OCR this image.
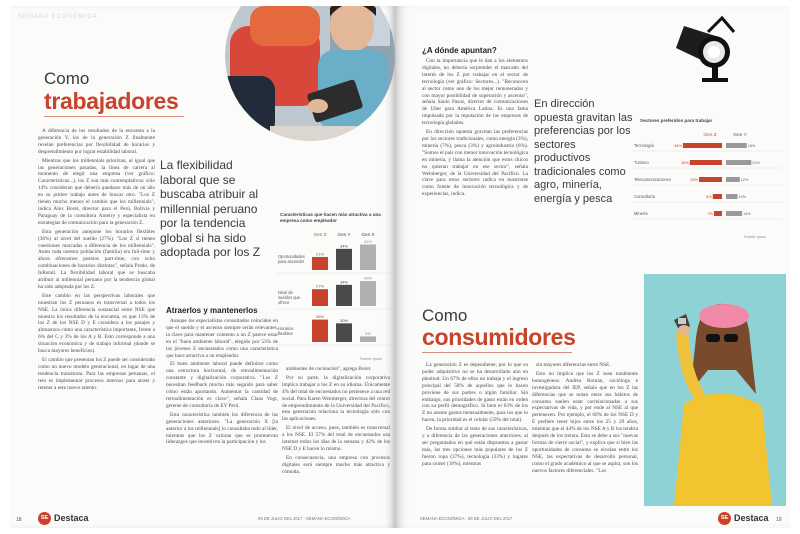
SEMANA ECONÓMICA
Como
trabajadores

A diferencia de los resultados de la encuesta a la generación Y, los de la generación Z finalmente revelan preferencias por flexibilidad de horarios y desprendimiento por lograr estabilidad laboral.

Mientras que los millennials priorizan, al igual que las generaciones pasadas, la línea de carrera al momento de elegir una empresa (ver gráfico: Características...), los Z son más contemplativos: sólo 14% consideran que debería quedarse más de un año en su primer trabajo antes de buscar otro. "Los Z tienen mucho menos el cambio que los millennials", indica Alex Boret, director para el Perú, Bolivia y Paraguay de la consultora Amerry y especialista en estrategias de comunicación para la generación Z.

Esta generación antepone los horarios flexibles (36%) al nivel del sueldo (27%). "Los Z sí tienen cuestiones marcadas a diferencia de los millennials". Antes toda nuestra población (familia) era full-time y ahora ofrecemos puestos part-time, con ocho combinaciones de horarios distintas", señala Prado, de InRetail. La flexibilidad laboral que se buscaba atribuir al millennial peruano por la tendencia global ha sido adoptada por los Z.

Este cambio en las perspectivas laborales que muestran los Z peruanos es transversal a todos los NSE. La única diferencia sustancial entre NSE que muestra los resultados de la encuesta, es que 13% de los Z de los NSE D y E considera a los pasajes y almuerzos como una característica importante, frente a 6% del C y 3% de los A y B. Esto corresponde a una situación económica y de trabajo informal (donde se busca mayores beneficios).

El cambio que presentan los Z puede ser considerado como un nuevo modelo generacional, en lugar de una tendencia transitoria. Para las empresas peruanas, el reto es implementar procesos internos para atraer y retener a este nuevo talento.

La flexibilidad laboral que se buscaba atribuir al millennial peruano por la tendencia global si ha sido adoptada por los Z
Características que hacen más atractiva a una empresa como empleador
Gen Z Gen Y Gen X
Oportunidades
para ascender
21%
34%
41%
Nivel de
sueldos que
ofrece
27%
34%
40%
Horarios
flexibles
36%
30%
9%
Fuente: Ipsos
Atraerlos y mantenerlos

Aunque los especialistas consultados coinciden en que el sueldo y el ascenso siempre serán relevantes, la clave para mantener contento a un Z parece estar en el "buen ambiente laboral", elegido por 53% de los jóvenes Z encuestados como una característica que hace atractiva a un empleador.

El buen ambiente laboral puede definirse como una estructura horizontal, de retroalimentación constante y digitalización corporativa. "Los Z necesitan feedback mucho más seguido para saber cómo están aportando. Aumentar la cantidad de retroalimentación es clave", señala Claus Vogt, gerente de consultoría de EY Perú.

Esta característica también los diferencia de las generaciones anteriores. "La generación X [la anterior a los millennials] lo consultaba todo al líder, mientras que los Z valoran que se promuevan liderazgos que incentiven la participación y los

ambientes de cocreación", agrega Boret.

Por su parte, la digitalización corporativa implica trabajar a los Z en su idioma. Únicamente 4% del total de encuestados no pertenece a una red social. Para Karen Weinberger, directora del centro de emprendimiento de la Universidad del Pacífico, esta generación relaciona la tecnología sólo con las aplicaciones.

El nivel de acceso, pues, también es transversal a los NSE. El 57% del total de encuestados usa internet todos los días de la semana y 42% de los NSE D y E hacen lo mismo.

En consecuencia, una empresa con procesos digitales será siempre mucho más atractiva y cómoda.

18	SE Destaca	09 DE JULIO DEL 2017 · SEMANA ECONÓMICA
¿A dónde apuntan?

Con la importancia que le dan a los elementos digitales, no debería sorprender el marcado del interés de los Z por trabajar en el sector de tecnología (ver gráfico: Sectores...). "Reconocen al sector como uno de los mejor remunerados y con mayor posibilidad de superación y ascenso", señala Saulo Pasos, director de comunicaciones de Uber para América Latina. Es una fama impulsada por la reputación de las empresas de tecnología globales.

En dirección opuesta gravitan las preferencias por los sectores tradicionales, como energía (3%), minería (7%), pesca (3%) y agroindustria (6%). "Somos el país con menor innovación tecnológica en minería, y llama la atención que estos chicos no quieran trabajar en ese sector", señala Weinberger, de la Universidad del Pacífico. La clave para estos sectores radica en mostrarse como fuente de innovación tecnológica y de experiencias, indica.

En dirección opuesta gravitan las preferencias por los sectores productivos tradicionales como agro, minería, energía y pesca
Sectores preferidos para trabajar
Gen Z	Gen Y
Tecnología	34%	18%
Turismo	28%	22%
Telecomunicaciones	20%	12%
Consultoría	8%	10%
Minería	7%	14%
Fuente: Ipsos
Como
consumidores

La generación Z es dependiente, por lo que su poder adquisitivo no se ha desarrollado aún en plenitud. Un 67% de ellos no trabaja y el ingreso principal del 58% de aquellos que lo hacen proviene de sus padres o algún familiar. Sin embargo, sus prioridades de gasto están en orden con su perfil demográfico. Si bien el 63% de los Z no asume gastos mensualmente, para los que lo hacen, la prioridad es el celular (59% del total).

De forma similar al resto de sus características, y a diferencia de las generaciones anteriores, al ser preguntados en qué están dispuestos a gastar más, las tres opciones más populares de los Z fueron ropa (37%), tecnología (33%) y lugares para comer (18%), mientras

sin mayores diferencias entre NSE.

Esto no implica que los Z sean totalmente homogéneos. Andrea Román, socióloga e investigadora del IEP, señala que en los Z las diferencias que se notan entre sus hábitos de consumo suelen estar correlacionadas a sus expectativas de vida, y por ende al NSE al que pertenecen. Por ejemplo, el 60% de los NSE D y E prefiere tener hijos entre los 25 y 29 años, mientras que el 44% de los NSE A y B los tendría después de los treinta. Esto se debe a sus "nuevas formas de cierre social", y explica que si bien las oportunidades de consumo se nivelan entre los NSE, las expectativas de desarrollo personal, como el grado académico al que se aspira, son los nuevos factores diferenciales. "Los

SEMANA ECONÓMICA · 09 DE JULIO DEL 2017	SE Destaca 19
